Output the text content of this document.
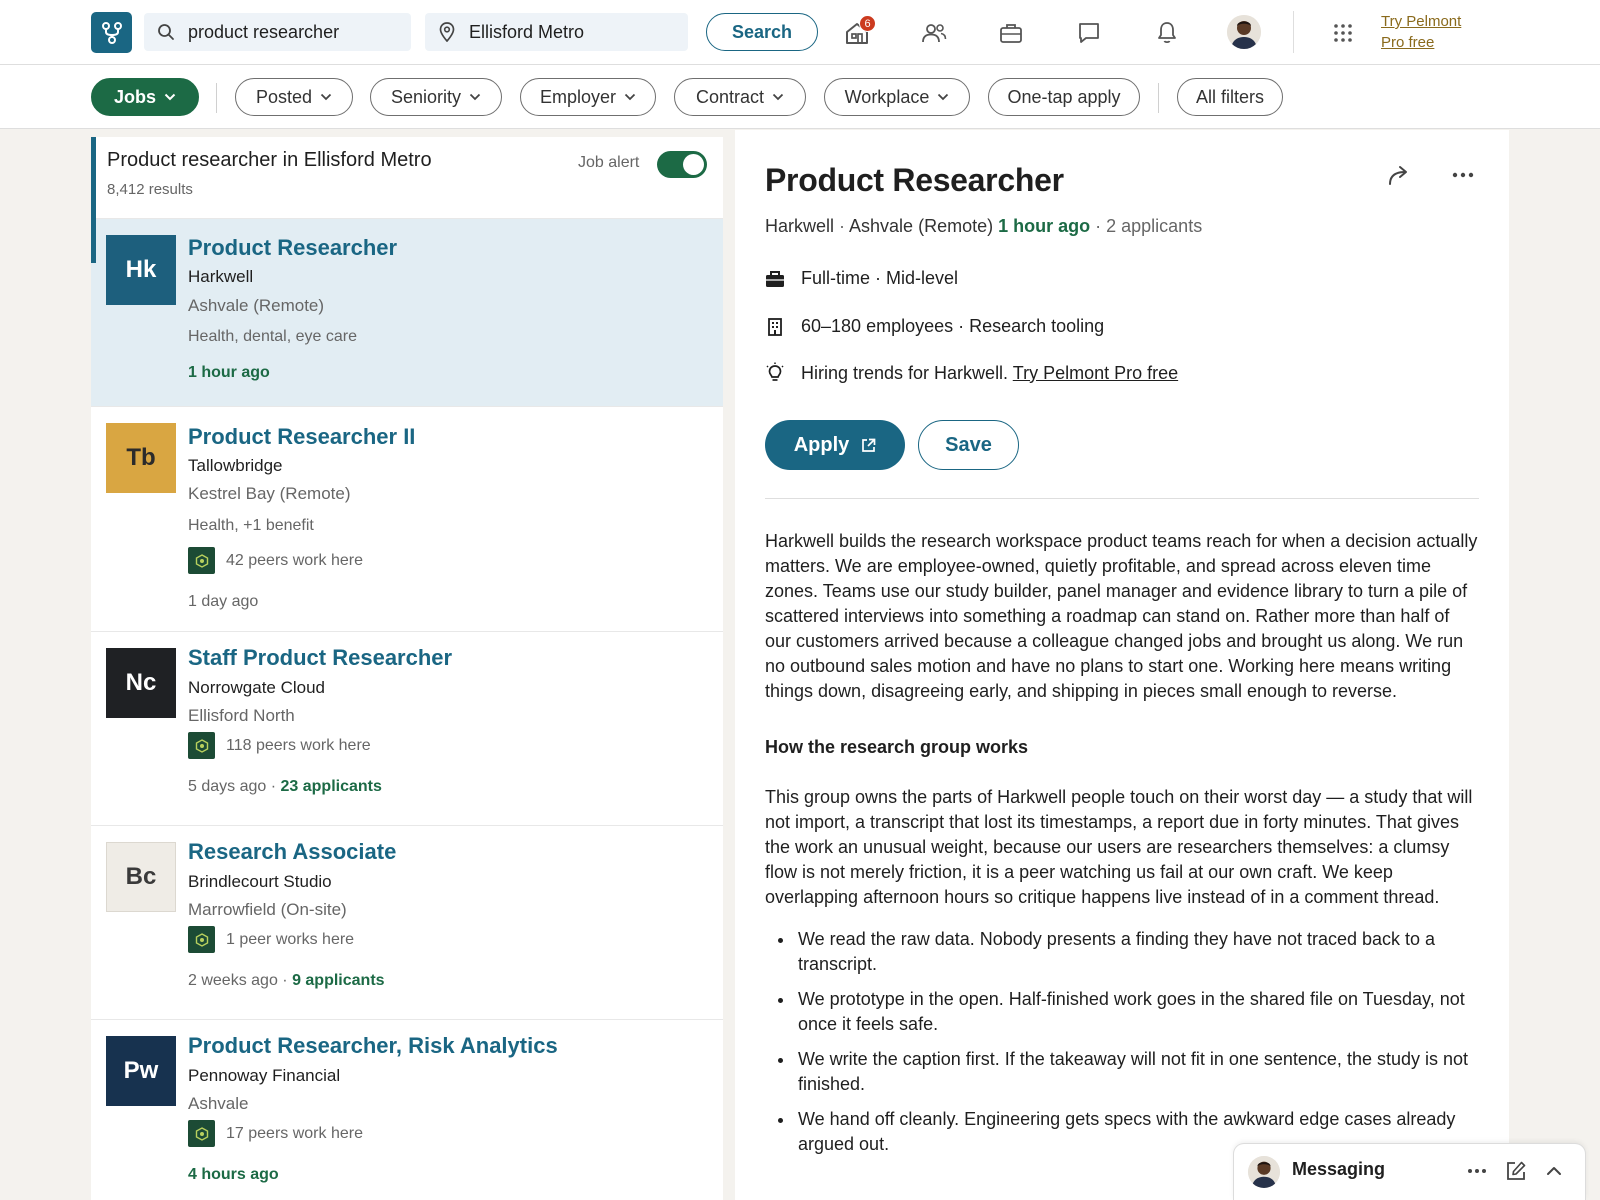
product researcher	Ellisford Metro	Search	6	Try Pelmont
Pro free
Jobs	Posted	Seniority	Employer	Contract	Workplace	One-tap apply	All filters
Product researcher in Ellisford Metro
8,412 results
Job alert
Hk
Product Researcher
Harkwell
Ashvale (Remote)
Health, dental, eye care
1 hour ago
Tb
Product Researcher II
Tallowbridge
Kestrel Bay (Remote)
Health, +1 benefit
42 peers work here
1 day ago
Nc
Staff Product Researcher
Norrowgate Cloud
Ellisford North
118 peers work here
5 days ago · 23 applicants
Bc
Research Associate
Brindlecourt Studio
Marrowfield (On-site)
1 peer works here
2 weeks ago · 9 applicants
Pw
Product Researcher, Risk Analytics
Pennoway Financial
Ashvale
17 peers work here
4 hours ago
Product Researcher
Harkwell · Ashvale (Remote) 1 hour ago · 2 applicants
Full-time · Mid-level
60–180 employees · Research tooling
Hiring trends for Harkwell. Try Pelmont Pro free
Apply	Save

Harkwell builds the research workspace product teams reach for when a decision actually matters. We are employee-owned, quietly profitable, and spread across eleven time zones. Teams use our study builder, panel manager and evidence library to turn a pile of scattered interviews into something a roadmap can stand on. Rather more than half of our customers arrived because a colleague changed jobs and brought us along. We run no outbound sales motion and have no plans to start one. Working here means writing things down, disagreeing early, and shipping in pieces small enough to reverse.

How the research group works

This group owns the parts of Harkwell people touch on their worst day — a study that will not import, a transcript that lost its timestamps, a report due in forty minutes. That gives the work an unusual weight, because our users are researchers themselves: a clumsy flow is not merely friction, it is a peer watching us fail at our own craft. We keep overlapping afternoon hours so critique happens live instead of in a comment thread.

We read the raw data. Nobody presents a finding they have not traced back to a transcript.
We prototype in the open. Half-finished work goes in the shared file on Tuesday, not once it feels safe.
We write the caption first. If the takeaway will not fit in one sentence, the study is not finished.
We hand off cleanly. Engineering gets specs with the awkward edge cases already argued out.
Messaging
